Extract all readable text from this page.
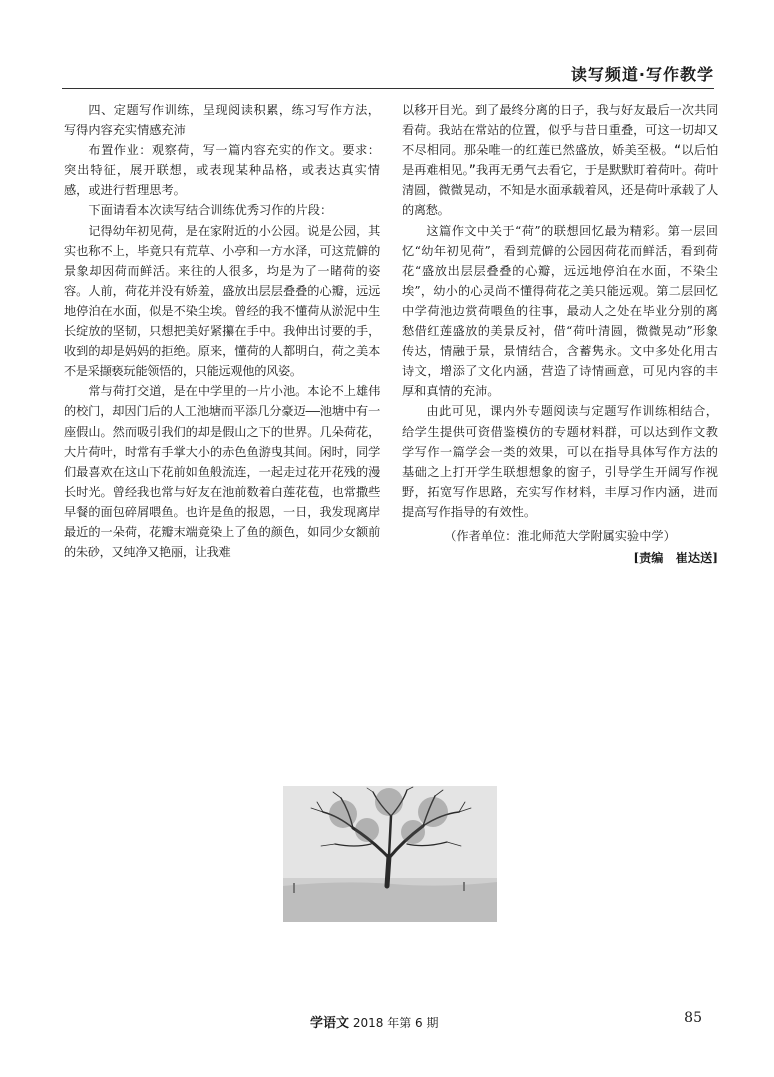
读写频道·写作教学

四、定题写作训练，呈现阅读积累，练习写作方法，写得内容充实情感充沛

布置作业：观察荷，写一篇内容充实的作文。要求：突出特征，展开联想，或表现某种品格，或表达真实情感，或进行哲理思考。

下面请看本次读写结合训练优秀习作的片段：

记得幼年初见荷，是在家附近的小公园。说是公园，其实也称不上，毕竟只有荒草、小亭和一方水泽，可这荒僻的景象却因荷而鲜活。来往的人很多，均是为了一睹荷的姿容。人前，荷花并没有娇羞，盛放出层层叠叠的心瓣，远远地停泊在水面，似是不染尘埃。曾经的我不懂荷从淤泥中生长绽放的坚韧，只想把美好紧攥在手中。我伸出讨要的手，收到的却是妈妈的拒绝。原来，懂荷的人都明白，荷之美本不是采撷亵玩能领悟的，只能远观他的风姿。

常与荷打交道，是在中学里的一片小池。本论不上雄伟的校门，却因门后的人工池塘而平添几分豪迈——池塘中有一座假山。然而吸引我们的却是假山之下的世界。几朵荷花，大片荷叶，时常有手掌大小的赤色鱼游曳其间。闲时，同学们最喜欢在这山下花前如鱼般流连，一起走过花开花残的漫长时光。曾经我也常与好友在池前数着白莲花苞，也常撒些早餐的面包碎屑喂鱼。也许是鱼的报恩，一日，我发现离岸最近的一朵荷，花瓣末端竟染上了鱼的颜色，如同少女额前的朱砂，又纯净又艳丽，让我难

以移开目光。到了最终分离的日子，我与好友最后一次共同看荷。我站在常站的位置，似乎与昔日重叠，可这一切却又不尽相同。那朵唯一的红莲已然盛放，娇美至极。“以后怕是再难相见。”我再无勇气去看它，于是默默盯着荷叶。荷叶清圆，微微晃动，不知是水面承载着风，还是荷叶承载了人的离愁。

这篇作文中关于“荷”的联想回忆最为精彩。第一层回忆“幼年初见荷”，看到荒僻的公园因荷花而鲜活，看到荷花“盛放出层层叠叠的心瓣，远远地停泊在水面，不染尘埃”，幼小的心灵尚不懂得荷花之美只能远观。第二层回忆中学荷池边赏荷喂鱼的往事，最动人之处在毕业分别的离愁借红莲盛放的美景反衬，借“荷叶清圆，微微晃动”形象传达，情融于景，景情结合，含蓄隽永。文中多处化用古诗文，增添了文化内涵，营造了诗情画意，可见内容的丰厚和真情的充沛。

由此可见，课内外专题阅读与定题写作训练相结合，给学生提供可资借鉴模仿的专题材料群，可以达到作文教学写作一篇学会一类的效果，可以在指导具体写作方法的基础之上打开学生联想想象的窗子，引导学生开阔写作视野，拓宽写作思路，充实写作材料，丰厚习作内涵，进而提高写作指导的有效性。

（作者单位：淮北师范大学附属实验中学）

[责编　崔达送]

学语文 2018 年第 6 期	85
